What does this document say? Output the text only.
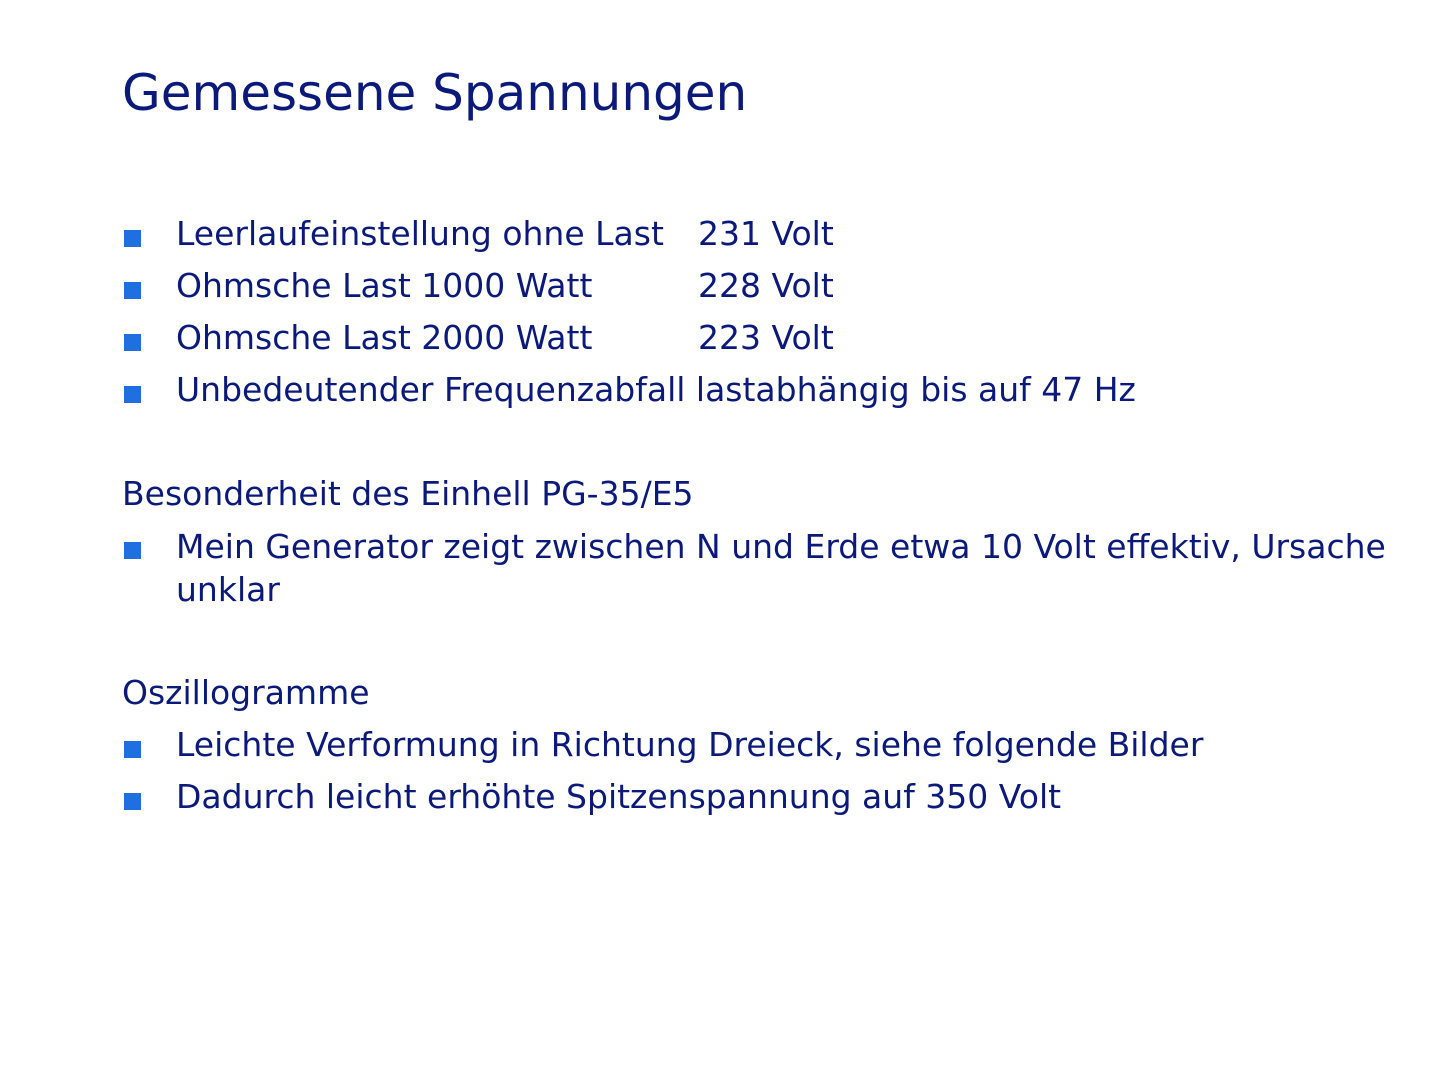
Gemessene Spannungen
Leerlaufeinstellung ohne Last 231 Volt
Ohmsche Last 1000 Watt	228 Volt
Ohmsche Last 2000 Watt	223 Volt
Unbedeutender Frequenzabfall lastabhängig bis auf 47 Hz
Besonderheit des Einhell PG-35/E5
Mein Generator zeigt zwischen N und Erde etwa 10 Volt effektiv, Ursache unklar
Oszillogramme
Leichte Verformung in Richtung Dreieck, siehe folgende Bilder
Dadurch leicht erhöhte Spitzenspannung auf 350 Volt
